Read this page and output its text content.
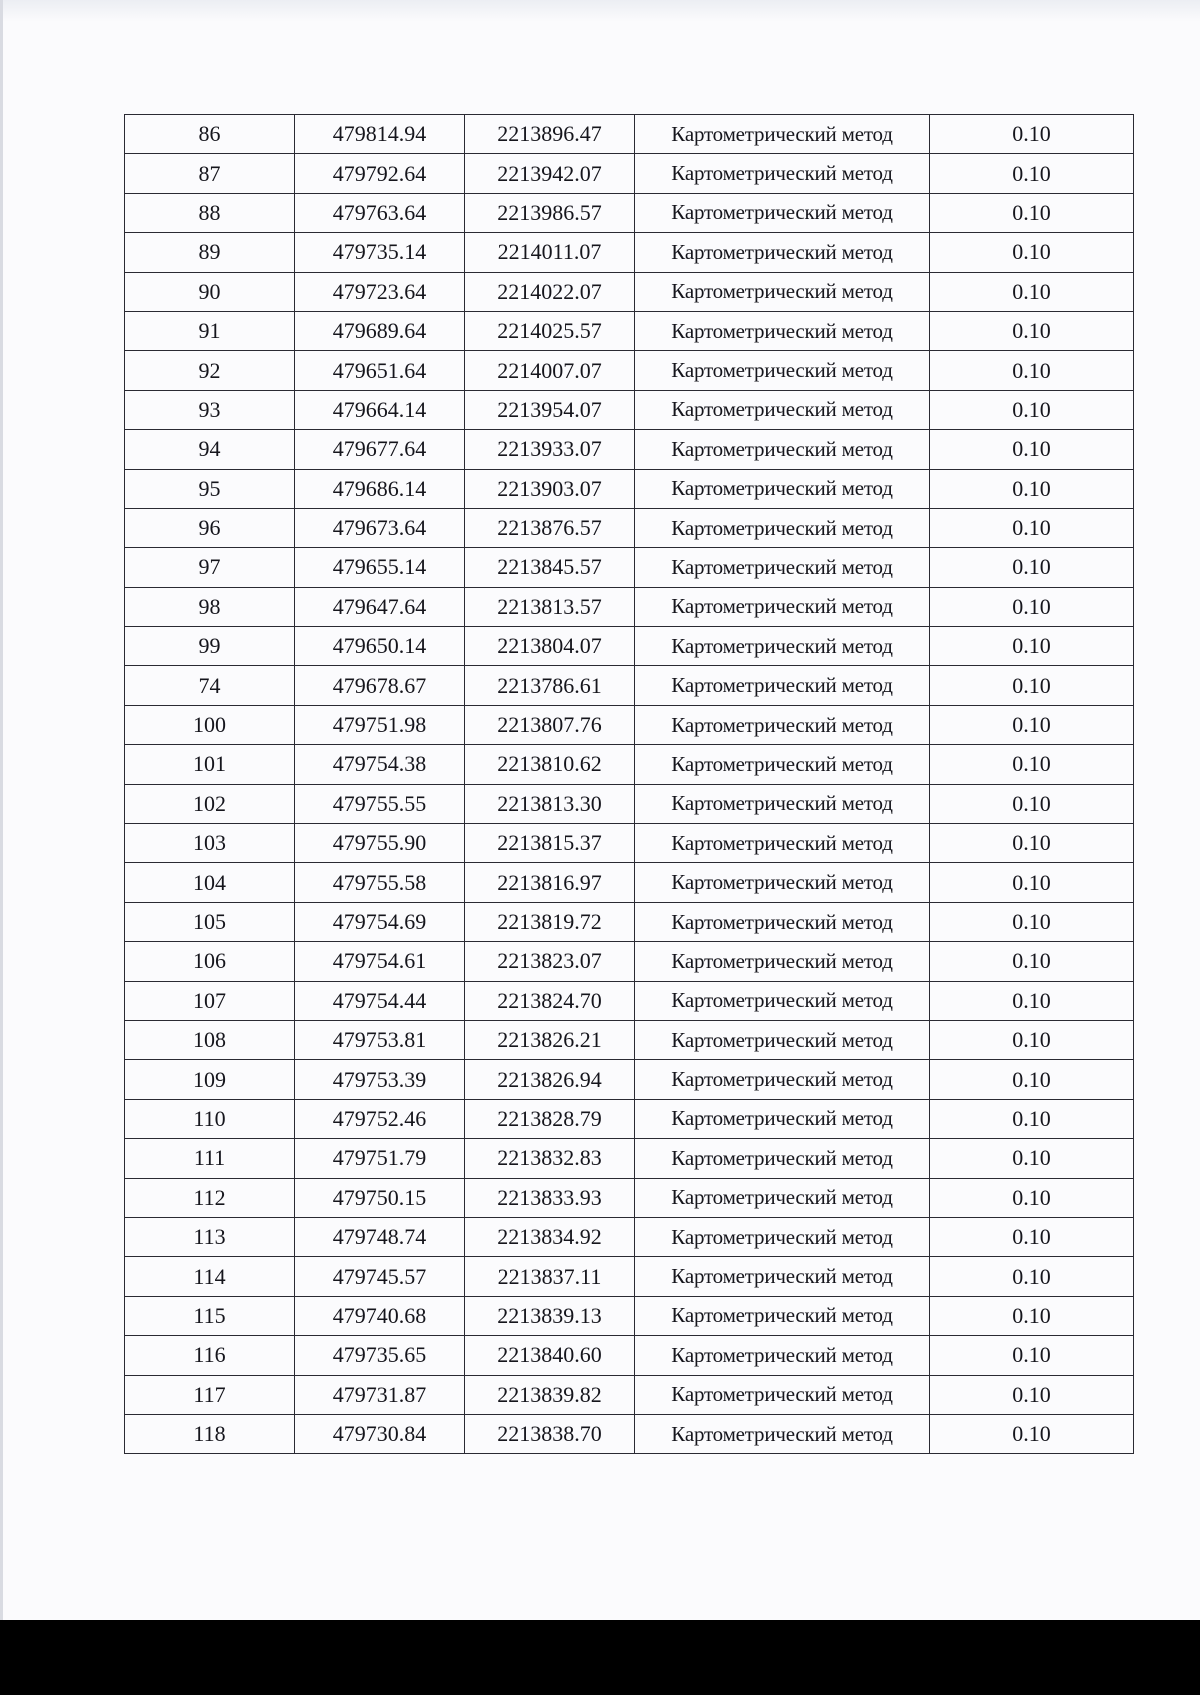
86	479814.94	2213896.47	Картометрический метод	0.10
87	479792.64	2213942.07	Картометрический метод	0.10
88	479763.64	2213986.57	Картометрический метод	0.10
89	479735.14	2214011.07	Картометрический метод	0.10
90	479723.64	2214022.07	Картометрический метод	0.10
91	479689.64	2214025.57	Картометрический метод	0.10
92	479651.64	2214007.07	Картометрический метод	0.10
93	479664.14	2213954.07	Картометрический метод	0.10
94	479677.64	2213933.07	Картометрический метод	0.10
95	479686.14	2213903.07	Картометрический метод	0.10
96	479673.64	2213876.57	Картометрический метод	0.10
97	479655.14	2213845.57	Картометрический метод	0.10
98	479647.64	2213813.57	Картометрический метод	0.10
99	479650.14	2213804.07	Картометрический метод	0.10
74	479678.67	2213786.61	Картометрический метод	0.10
100	479751.98	2213807.76	Картометрический метод	0.10
101	479754.38	2213810.62	Картометрический метод	0.10
102	479755.55	2213813.30	Картометрический метод	0.10
103	479755.90	2213815.37	Картометрический метод	0.10
104	479755.58	2213816.97	Картометрический метод	0.10
105	479754.69	2213819.72	Картометрический метод	0.10
106	479754.61	2213823.07	Картометрический метод	0.10
107	479754.44	2213824.70	Картометрический метод	0.10
108	479753.81	2213826.21	Картометрический метод	0.10
109	479753.39	2213826.94	Картометрический метод	0.10
110	479752.46	2213828.79	Картометрический метод	0.10
111	479751.79	2213832.83	Картометрический метод	0.10
112	479750.15	2213833.93	Картометрический метод	0.10
113	479748.74	2213834.92	Картометрический метод	0.10
114	479745.57	2213837.11	Картометрический метод	0.10
115	479740.68	2213839.13	Картометрический метод	0.10
116	479735.65	2213840.60	Картометрический метод	0.10
117	479731.87	2213839.82	Картометрический метод	0.10
118	479730.84	2213838.70	Картометрический метод	0.10
